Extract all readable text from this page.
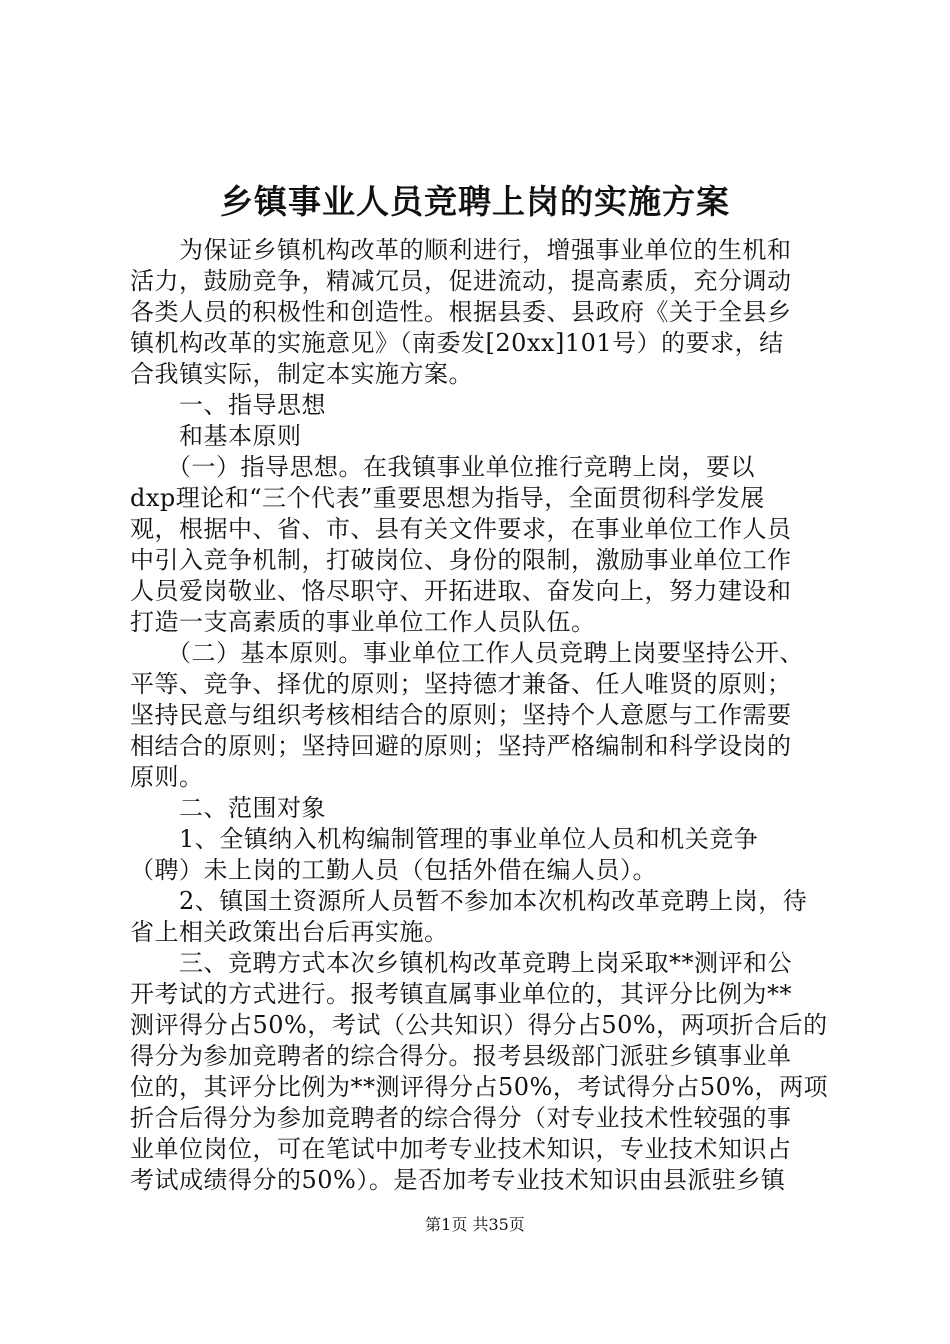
乡镇事业人员竞聘上岗的实施方案
　　为保证乡镇机构改革的顺利进行，增强事业单位的生机和
活力，鼓励竞争，精减冗员，促进流动，提高素质，充分调动
各类人员的积极性和创造性。根据县委、县政府《关于全县乡
镇机构改革的实施意见》（南委发[20xx]101号）的要求，结
合我镇实际，制定本实施方案。
　　一、指导思想
　　和基本原则
　　（一）指导思想。在我镇事业单位推行竞聘上岗，要以
dxp理论和“三个代表”重要思想为指导，全面贯彻科学发展
观，根据中、省、市、县有关文件要求，在事业单位工作人员
中引入竞争机制，打破岗位、身份的限制，激励事业单位工作
人员爱岗敬业、恪尽职守、开拓进取、奋发向上，努力建设和
打造一支高素质的事业单位工作人员队伍。
　　（二）基本原则。事业单位工作人员竞聘上岗要坚持公开、
平等、竞争、择优的原则；坚持德才兼备、任人唯贤的原则；
坚持民意与组织考核相结合的原则；坚持个人意愿与工作需要
相结合的原则；坚持回避的原则；坚持严格编制和科学设岗的
原则。
　　二、范围对象
　　1、全镇纳入机构编制管理的事业单位人员和机关竞争
（聘）未上岗的工勤人员（包括外借在编人员）。
　　2、镇国土资源所人员暂不参加本次机构改革竞聘上岗，待
省上相关政策出台后再实施。
　　三、竞聘方式本次乡镇机构改革竞聘上岗采取**测评和公
开考试的方式进行。报考镇直属事业单位的，其评分比例为**
测评得分占50%，考试（公共知识）得分占50%，两项折合后的
得分为参加竞聘者的综合得分。报考县级部门派驻乡镇事业单
位的，其评分比例为**测评得分占50%，考试得分占50%，两项
折合后得分为参加竞聘者的综合得分（对专业技术性较强的事
业单位岗位，可在笔试中加考专业技术知识，专业技术知识占
考试成绩得分的50%）。是否加考专业技术知识由县派驻乡镇
第1页 共35页
